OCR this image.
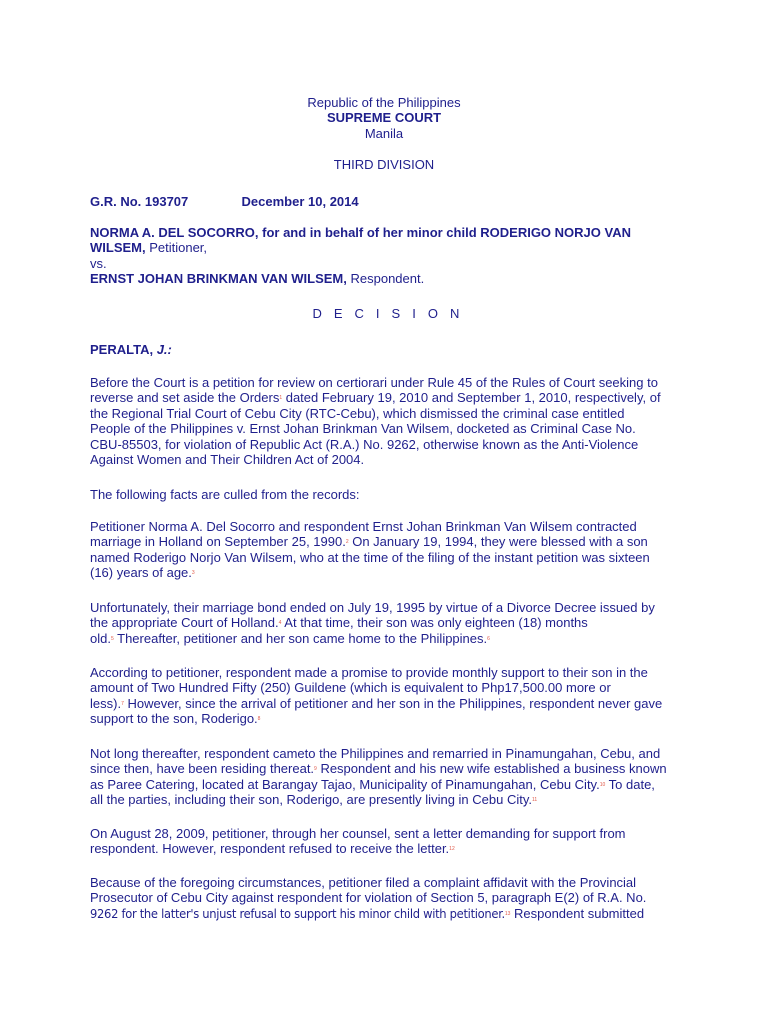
Republic of the Philippines
SUPREME COURT
Manila
THIRD DIVISION
G.R. No. 193707	December 10, 2014
NORMA A. DEL SOCORRO, for and in behalf of her minor child RODERIGO NORJO VAN
WILSEM, Petitioner,
vs.
ERNST JOHAN BRINKMAN VAN WILSEM, Respondent.
D E C I S I O N
PERALTA, J.:
Before the Court is a petition for review on certiorari under Rule 45 of the Rules of Court seeking to
reverse and set aside the Orders$^1$ dated February 19, 2010 and September 1, 2010, respectively, of
the Regional Trial Court of Cebu City (RTC-Cebu), which dismissed the criminal case entitled
People of the Philippines v. Ernst Johan Brinkman Van Wilsem, docketed as Criminal Case No.
CBU-85503, for violation of Republic Act (R.A.) No. 9262, otherwise known as the Anti-Violence
Against Women and Their Children Act of 2004.
The following facts are culled from the records:
Petitioner Norma A. Del Socorro and respondent Ernst Johan Brinkman Van Wilsem contracted
marriage in Holland on September 25, 1990.$^2$ On January 19, 1994, they were blessed with a son
named Roderigo Norjo Van Wilsem, who at the time of the filing of the instant petition was sixteen
(16) years of age.$^3$
Unfortunately, their marriage bond ended on July 19, 1995 by virtue of a Divorce Decree issued by
the appropriate Court of Holland.$^4$ At that time, their son was only eighteen (18) months
old.$^5$ Thereafter, petitioner and her son came home to the Philippines.$^6$
According to petitioner, respondent made a promise to provide monthly support to their son in the
amount of Two Hundred Fifty (250) Guildene (which is equivalent to Php17,500.00 more or
less).$^7$ However, since the arrival of petitioner and her son in the Philippines, respondent never gave
support to the son, Roderigo.$^8$
Not long thereafter, respondent cameto the Philippines and remarried in Pinamungahan, Cebu, and
since then, have been residing thereat.$^9$ Respondent and his new wife established a business known
as Paree Catering, located at Barangay Tajao, Municipality of Pinamungahan, Cebu City.$^{10}$ To date,
all the parties, including their son, Roderigo, are presently living in Cebu City.$^{11}$
On August 28, 2009, petitioner, through her counsel, sent a letter demanding for support from
respondent. However, respondent refused to receive the letter.$^{12}$
Because of the foregoing circumstances, petitioner filed a complaint affidavit with the Provincial
Prosecutor of Cebu City against respondent for violation of Section 5, paragraph E(2) of R.A. No.
9262 for the latter's unjust refusal to support his minor child with petitioner.$^{13}$ Respondent submitted
